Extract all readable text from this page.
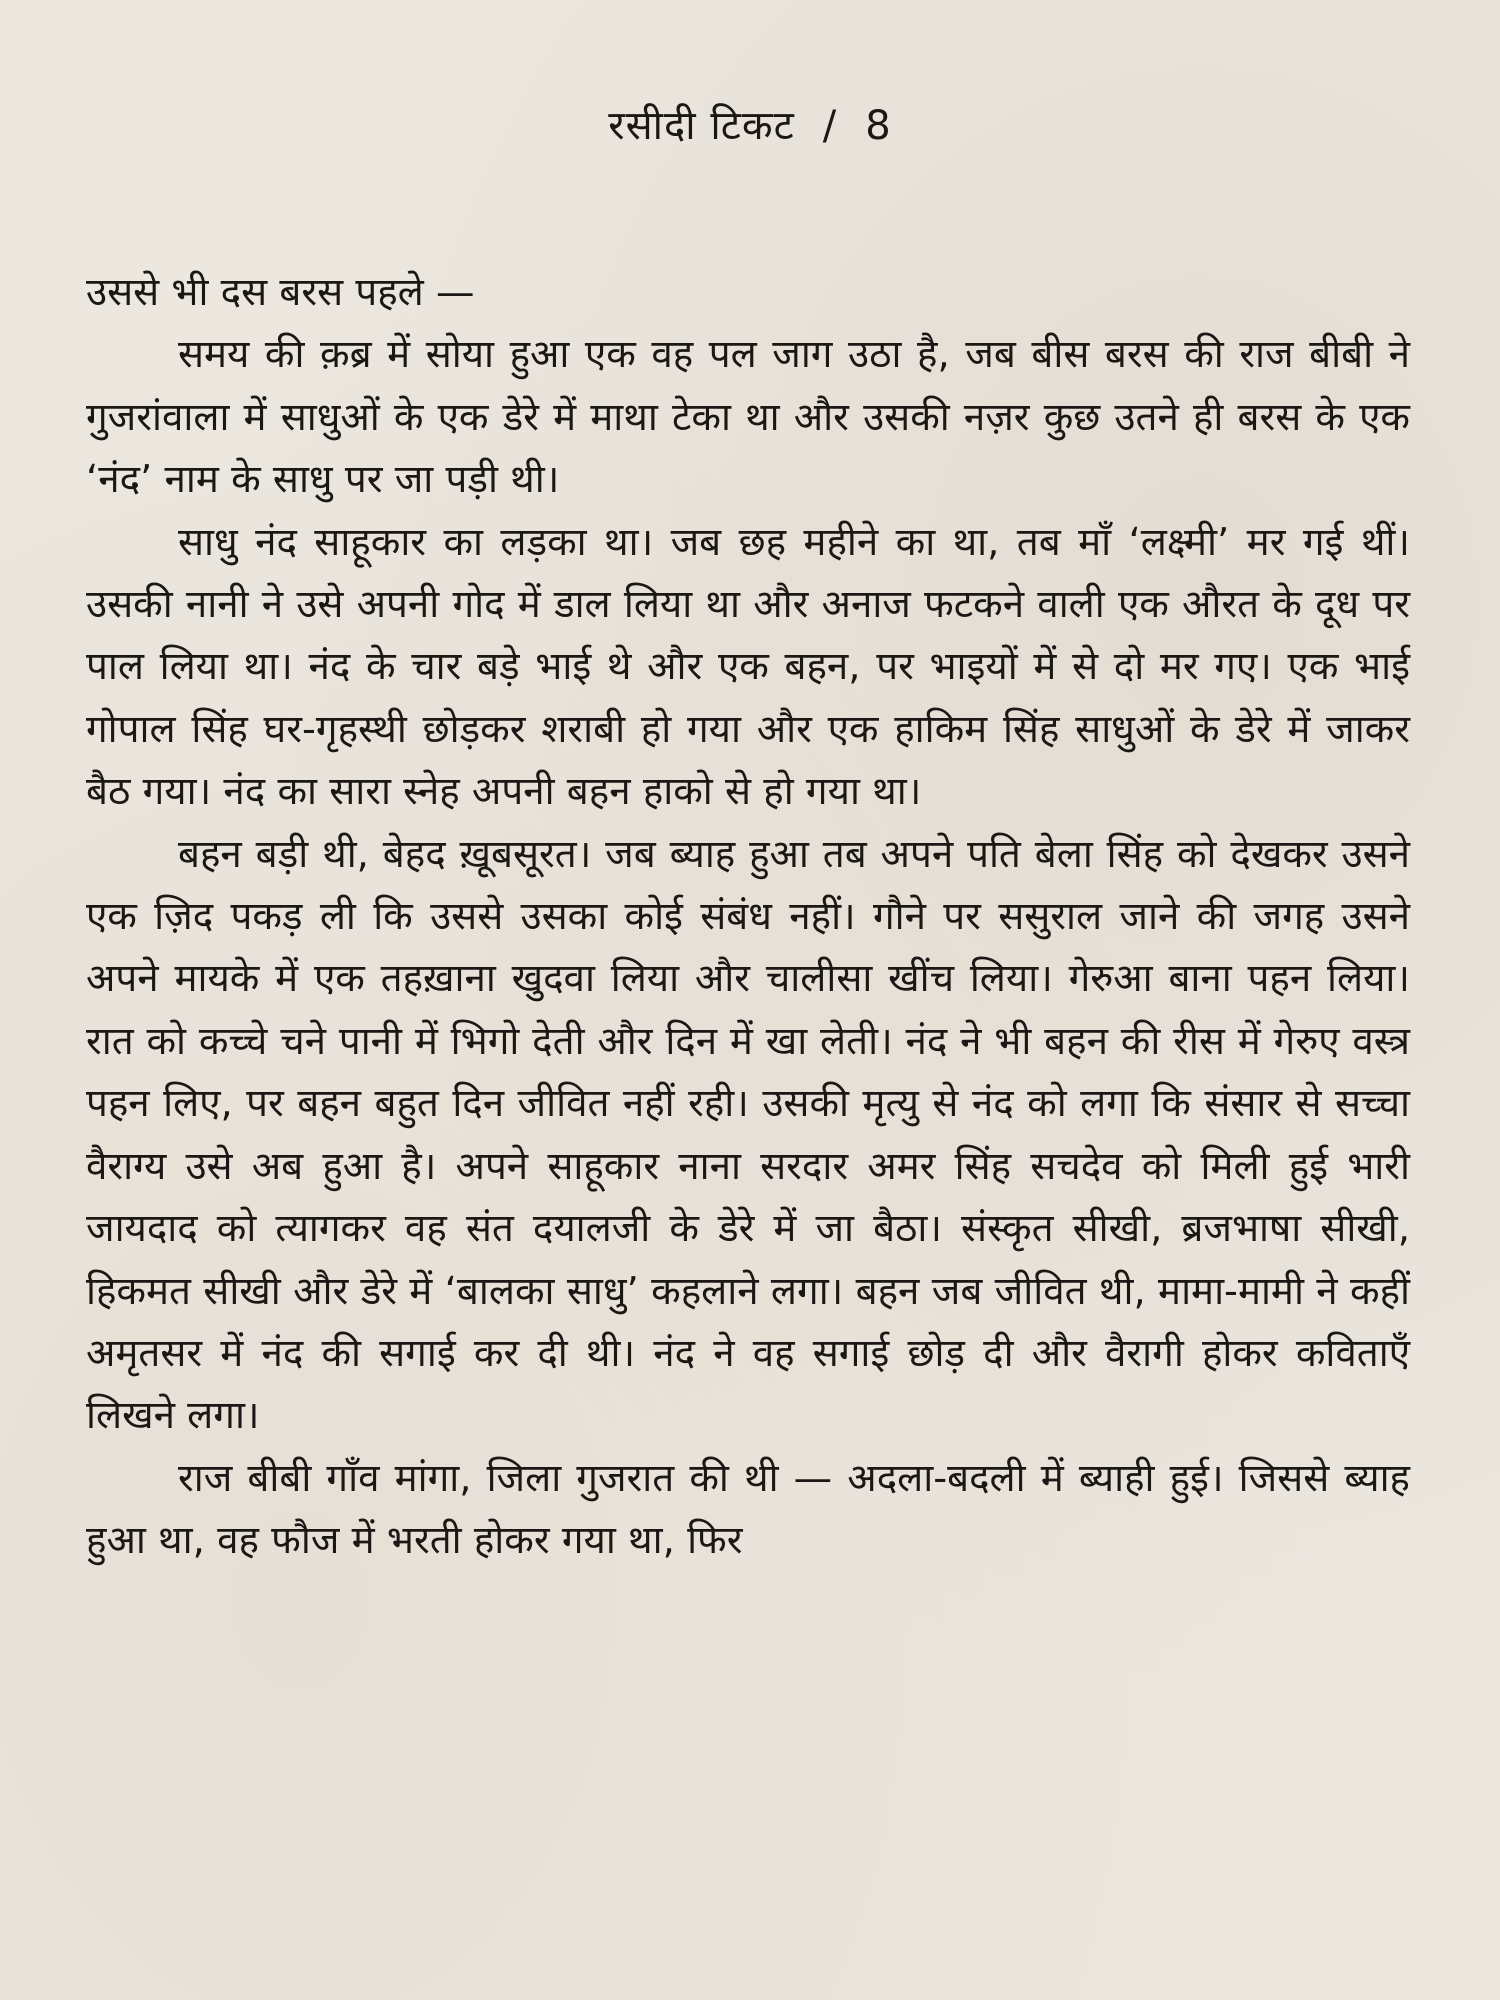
रसीदी टिकट / 8

उससे भी दस बरस पहले —

समय की क़ब्र में सोया हुआ एक वह पल जाग उठा है, जब बीस बरस की राज बीबी ने गुजरांवाला में साधुओं के एक डेरे में माथा टेका था और उसकी नज़र कुछ उतने ही बरस के एक ‘नंद’ नाम के साधु पर जा पड़ी थी।

साधु नंद साहूकार का लड़का था। जब छह महीने का था, तब माँ ‘लक्ष्मी’ मर गई थीं। उसकी नानी ने उसे अपनी गोद में डाल लिया था और अनाज फटकने वाली एक औरत के दूध पर पाल लिया था। नंद के चार बड़े भाई थे और एक बहन, पर भाइयों में से दो मर गए। एक भाई गोपाल सिंह घर-गृहस्थी छोड़कर शराबी हो गया और एक हाकिम सिंह साधुओं के डेरे में जाकर बैठ गया। नंद का सारा स्नेह अपनी बहन हाको से हो गया था।

बहन बड़ी थी, बेहद ख़ूबसूरत। जब ब्याह हुआ तब अपने पति बेला सिंह को देखकर उसने एक ज़िद पकड़ ली कि उससे उसका कोई संबंध नहीं। गौने पर ससुराल जाने की जगह उसने अपने मायके में एक तहख़ाना खुदवा लिया और चालीसा खींच लिया। गेरुआ बाना पहन लिया। रात को कच्चे चने पानी में भिगो देती और दिन में खा लेती। नंद ने भी बहन की रीस में गेरुए वस्त्र पहन लिए, पर बहन बहुत दिन जीवित नहीं रही। उसकी मृत्यु से नंद को लगा कि संसार से सच्चा वैराग्य उसे अब हुआ है। अपने साहूकार नाना सरदार अमर सिंह सचदेव को मिली हुई भारी जायदाद को त्यागकर वह संत दयालजी के डेरे में जा बैठा। संस्कृत सीखी, ब्रजभाषा सीखी, हिकमत सीखी और डेरे में ‘बालका साधु’ कहलाने लगा। बहन जब जीवित थी, मामा-मामी ने कहीं अमृतसर में नंद की सगाई कर दी थी। नंद ने वह सगाई छोड़ दी और वैरागी होकर कविताएँ लिखने लगा।

राज बीबी गाँव मांगा, जिला गुजरात की थी — अदला-बदली में ब्याही हुई। जिससे ब्याह हुआ था, वह फौज में भरती होकर गया था, फिर
